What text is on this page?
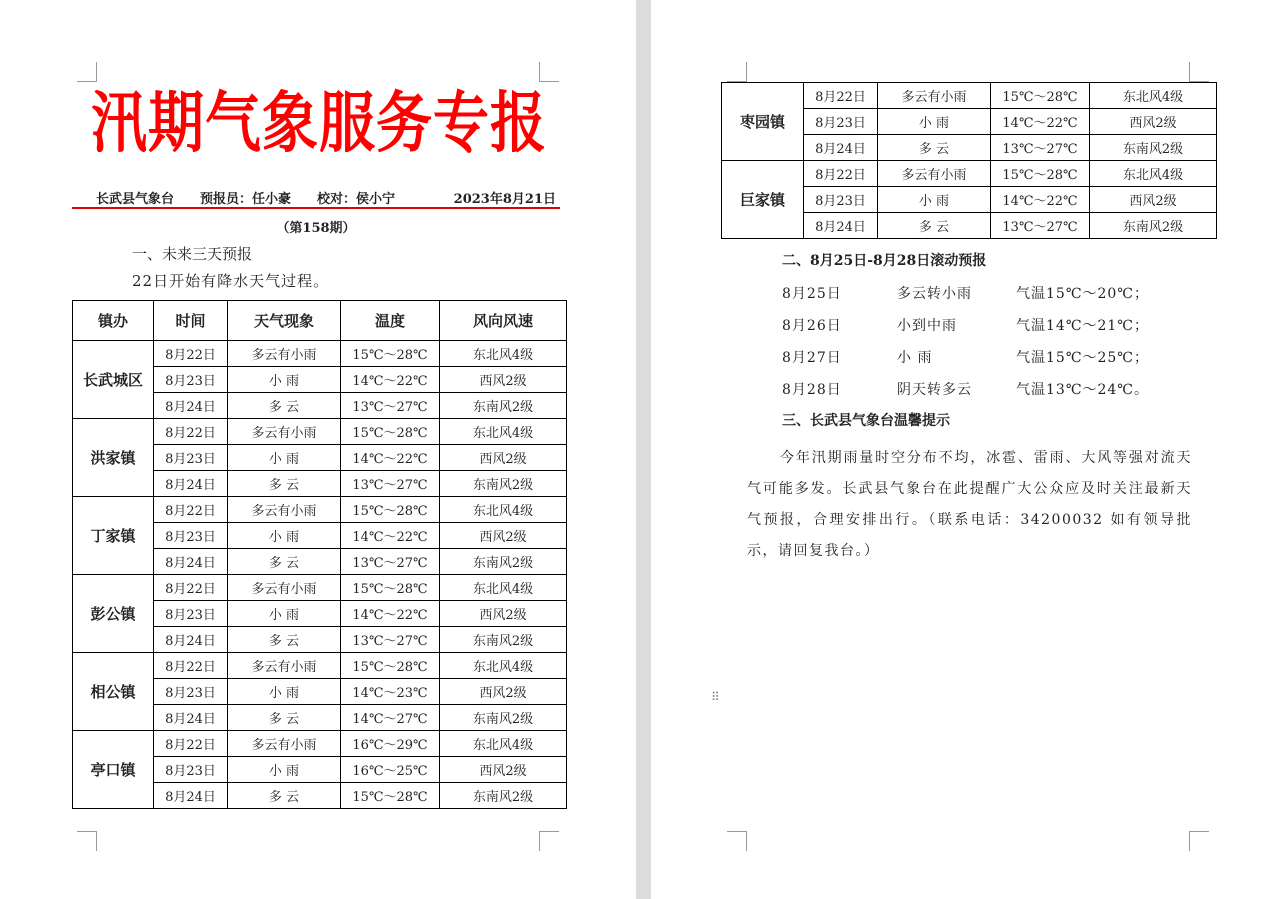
汛期气象服务专报
长武县气象台 预报员：任小豪 校对：侯小宁	2023年8月21日
（第158期）
一、未来三天预报
22日开始有降水天气过程。
镇办	时间	天气现象	温度	风向风速
长武城区	8月22日	多云有小雨	15℃～28℃	东北风4级
	8月23日	小 雨	14℃～22℃	西风2级
	8月24日	多 云	13℃～27℃	东南风2级
洪家镇	8月22日	多云有小雨	15℃～28℃	东北风4级
	8月23日	小 雨	14℃～22℃	西风2级
	8月24日	多 云	13℃～27℃	东南风2级
丁家镇	8月22日	多云有小雨	15℃～28℃	东北风4级
	8月23日	小 雨	14℃～22℃	西风2级
	8月24日	多 云	13℃～27℃	东南风2级
彭公镇	8月22日	多云有小雨	15℃～28℃	东北风4级
	8月23日	小 雨	14℃～22℃	西风2级
	8月24日	多 云	13℃～27℃	东南风2级
相公镇	8月22日	多云有小雨	15℃～28℃	东北风4级
	8月23日	小 雨	14℃～23℃	西风2级
	8月24日	多 云	14℃～27℃	东南风2级
亭口镇	8月22日	多云有小雨	16℃～29℃	东北风4级
	8月23日	小 雨	16℃～25℃	西风2级
	8月24日	多 云	15℃～28℃	东南风2级
枣园镇	8月22日	多云有小雨	15℃～28℃	东北风4级
	8月23日	小 雨	14℃～22℃	西风2级
	8月24日	多 云	13℃～27℃	东南风2级
巨家镇	8月22日	多云有小雨	15℃～28℃	东北风4级
	8月23日	小 雨	14℃～22℃	西风2级
	8月24日	多 云	13℃～27℃	东南风2级
二、8月25日-8月28日滚动预报
8月25日	多云转小雨	气温15℃～20℃；
8月26日	小到中雨	气温14℃～21℃；
8月27日	小 雨	气温15℃～25℃；
8月28日	阴天转多云	气温13℃～24℃。
三、长武县气象台温馨提示
今年汛期雨量时空分布不均，冰雹、雷雨、大风等强对流天气可能多发。长武县气象台在此提醒广大公众应及时关注最新天气预报，合理安排出行。（联系电话：34200032 如有领导批示，请回复我台。）
⠿
